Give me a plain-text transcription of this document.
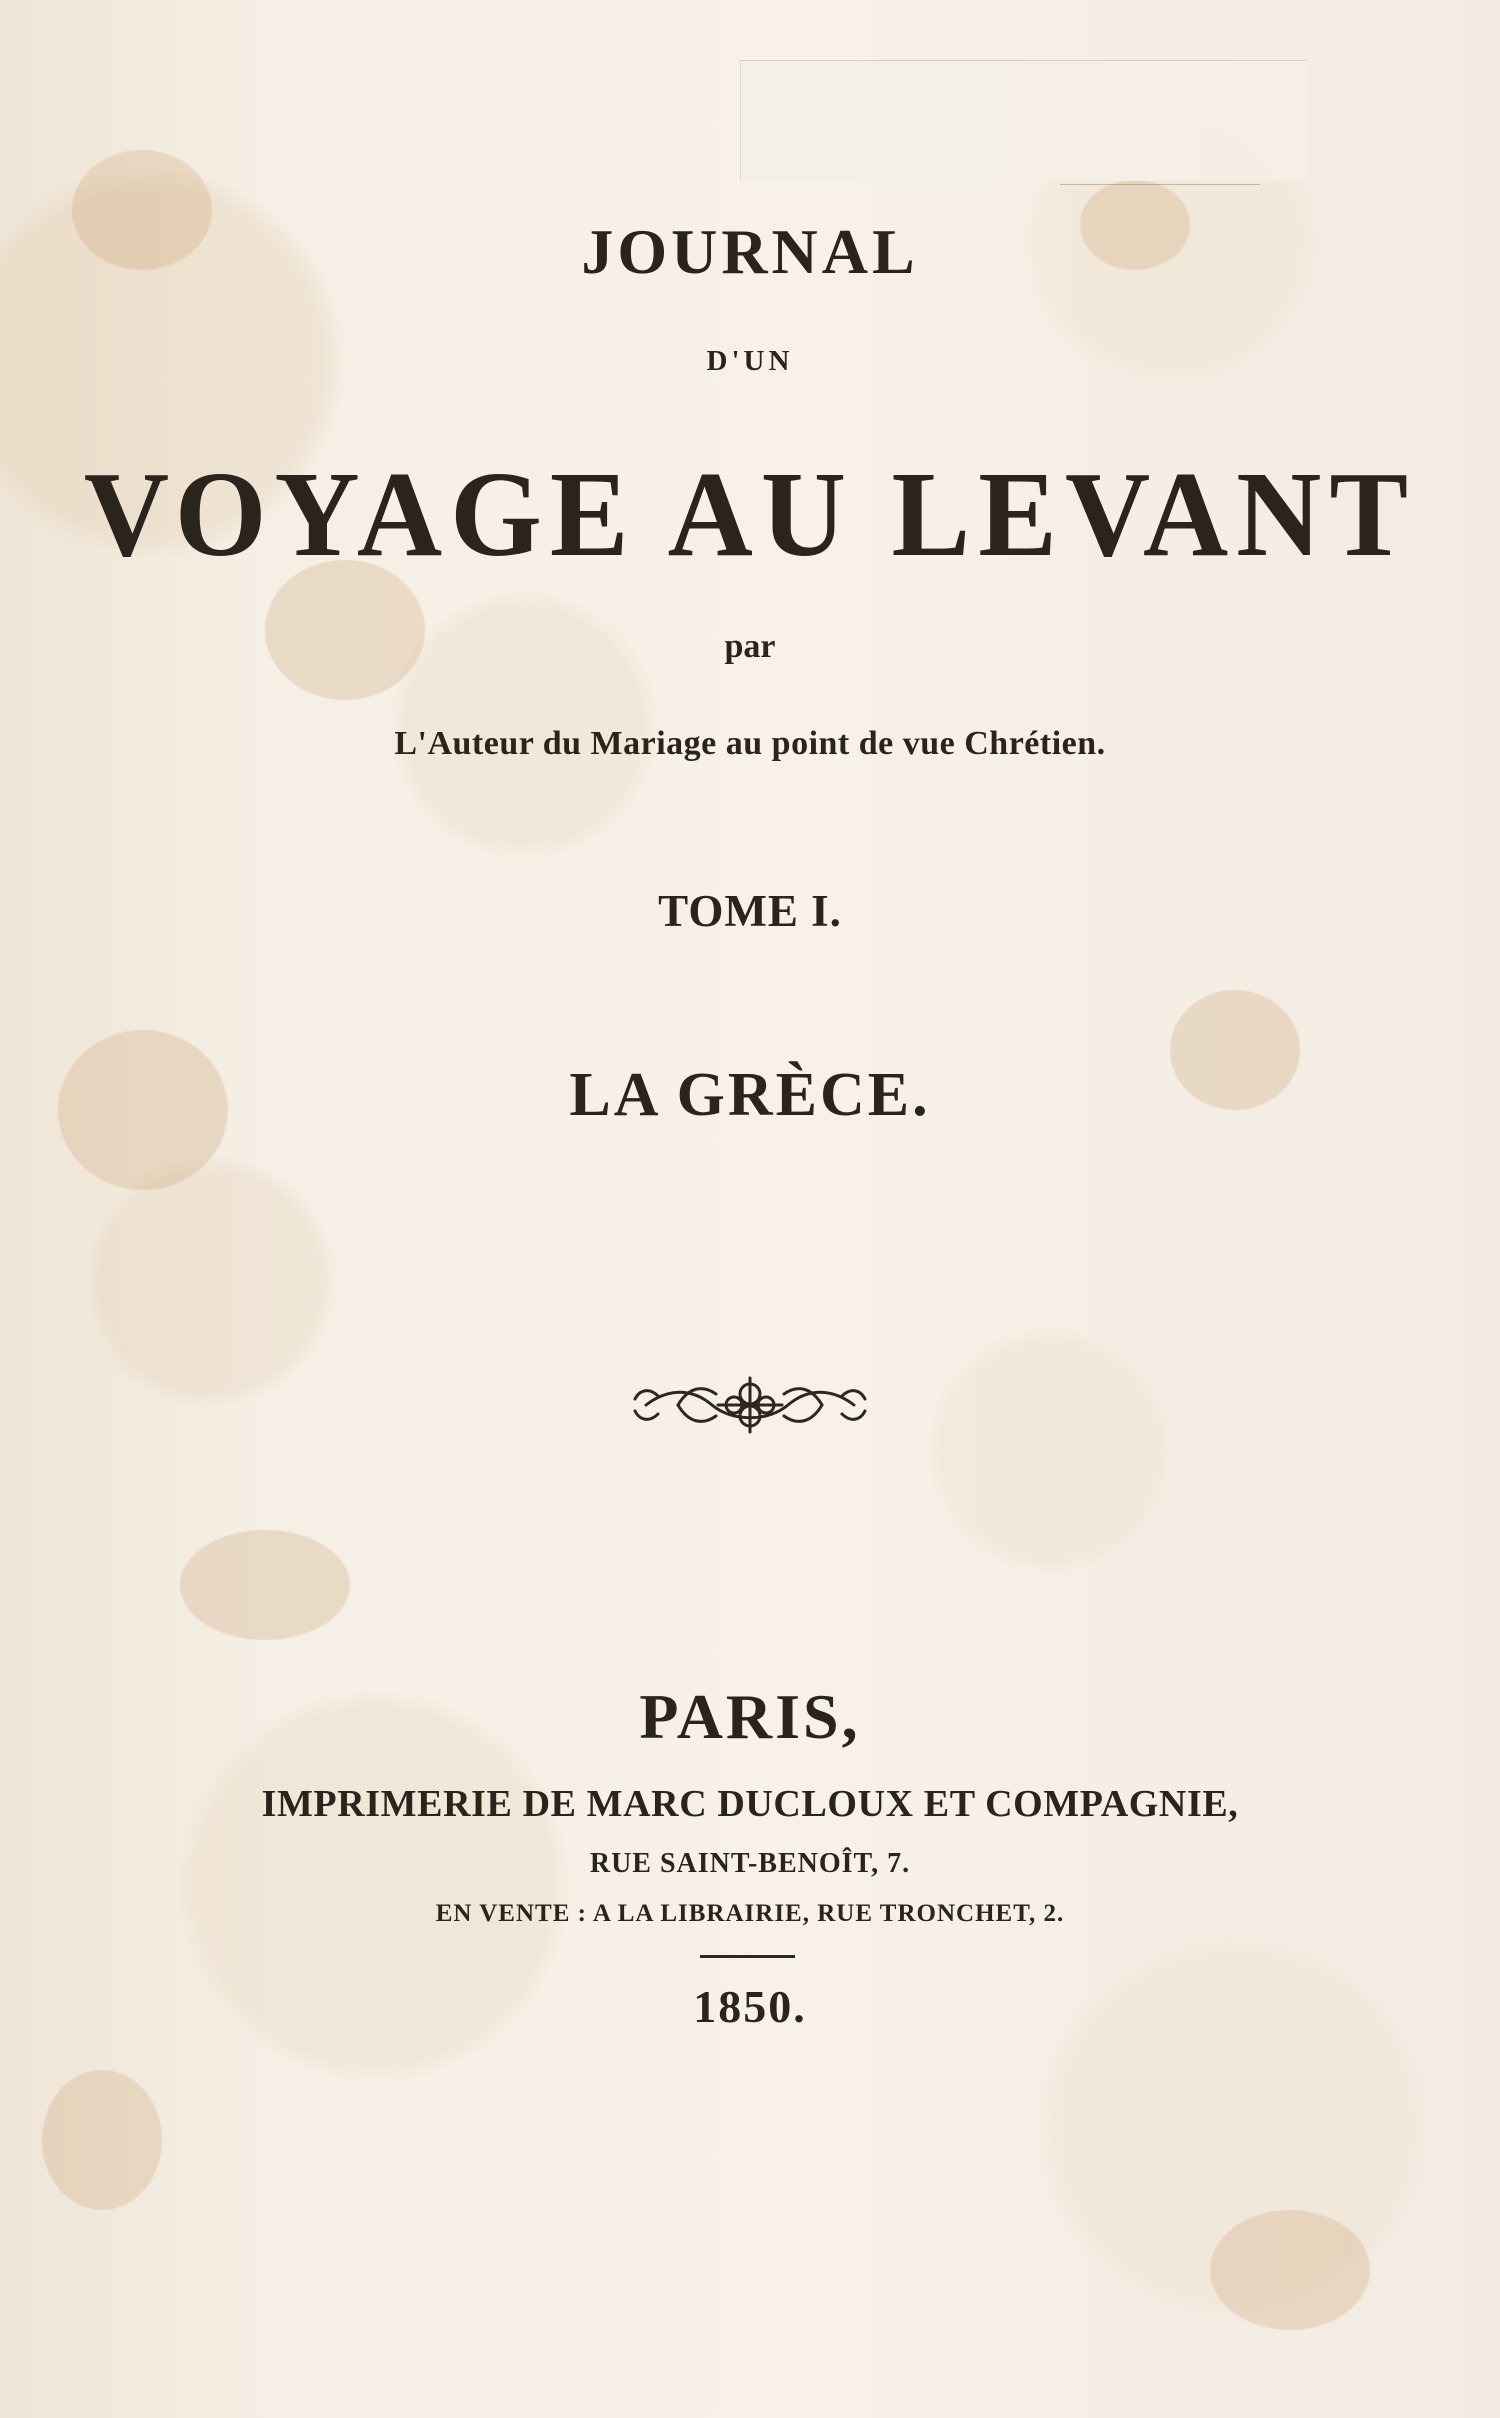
JOURNAL
D'UN
VOYAGE AU LEVANT
par
L'Auteur du Mariage au point de vue Chrétien.
TOME I.
LA GRÈCE.
PARIS,
IMPRIMERIE DE MARC DUCLOUX ET COMPAGNIE,
RUE SAINT-BENOÎT, 7.
EN VENTE : A LA LIBRAIRIE, RUE TRONCHET, 2.
1850.
